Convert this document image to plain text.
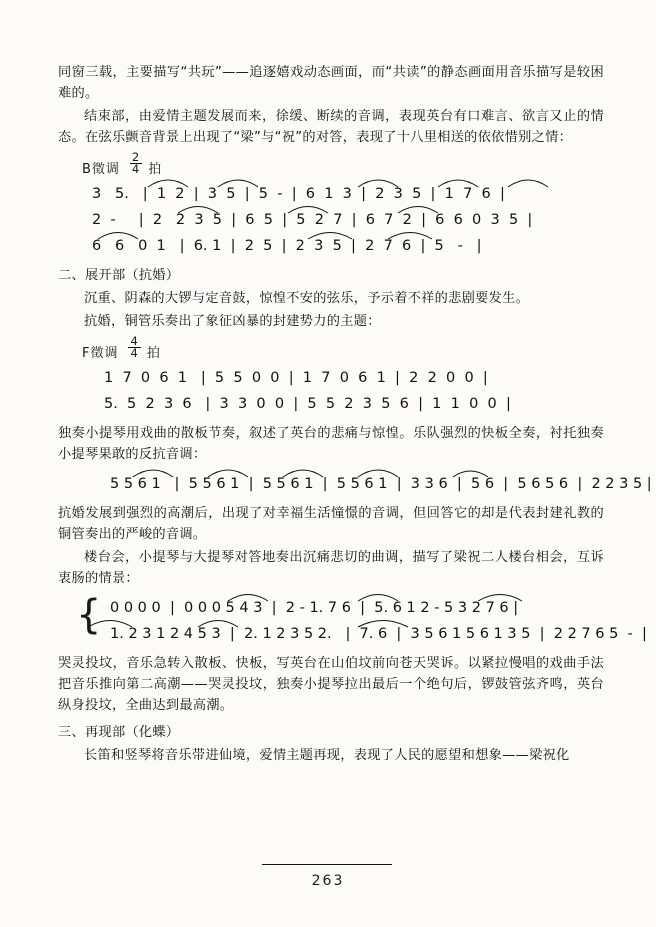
同窗三载，主要描写“共玩”——追逐嬉戏动态画面，而“共读”的静态画面用音乐描写是较困难的。

结束部，由爱情主题发展而来，徐缓、断续的音调，表现英台有口难言、欲言又止的情态。在弦乐颤音背景上出现了“梁”与“祝”的对答，表现了十八里相送的依依惜别之情：

B徵调 $\frac{2}{4}$ 拍
3   5.   |  1  2  |  3  5  |  5  -  |  6  1  3  |  2  3  5  |  1  7  6  |
2  -     |  2   2  3  5  |  6  5  |  5  2  7  |  6  7  2  |  6  6  0  3  5  |
6   6   0  1   |  6. 1  |  2  5  |  2  3  5  |  2  7  6  |  5   -   |
二、展开部（抗婚）

沉重、阴森的大锣与定音鼓，惊惶不安的弦乐，予示着不祥的悲剧要发生。

抗婚，铜管乐奏出了象征凶暴的封建势力的主题：

F徵调 $\frac{4}{4}$ 拍
1  7  0  6  1   |  5  5  0  0  |  1  7  0  6  1  |  2  2  0  0  |
5.  5  2  3  6   |  3  3  0  0  |  5  5  2  3  5  6  |  1  1  0  0  |

独奏小提琴用戏曲的散板节奏，叙述了英台的悲痛与惊惶。乐队强烈的快板全奏，衬托独奏小提琴果敢的反抗音调：

5 5 6 1   |  5 5 6 1  |  5 5 6 1  |  5 5 6 1  |  3 3 6  |  5 6  |  5 6 5 6  |  2 2 3 5 |

抗婚发展到强烈的高潮后，出现了对幸福生活憧憬的音调，但回答它的却是代表封建礼教的铜管奏出的严峻的音调。

楼台会，小提琴与大提琴对答地奏出沉痛悲切的曲调，描写了梁祝二人楼台相会，互诉衷肠的情景：

{ 0 0 0 0  |  0 0 0 5 4 3  |  2 - 1. 7 6  |  5. 6 1 2 - 5 3 2 7 6 |
1. 2 3 1 2 4 5 3  |  2. 1 2 3 5 2.   |  7. 6  |  3 5 6 1 5 6 1 3 5  |  2 2 7 6 5  -  |

哭灵投坟，音乐急转入散板、快板，写英台在山伯坟前向苍天哭诉。以紧拉慢唱的戏曲手法把音乐推向第二高潮——哭灵投坟，独奏小提琴拉出最后一个绝句后，锣鼓管弦齐鸣，英台纵身投坟，全曲达到最高潮。

三、再现部（化蝶）

长笛和竖琴将音乐带进仙境，爱情主题再现，表现了人民的愿望和想象——梁祝化

263
